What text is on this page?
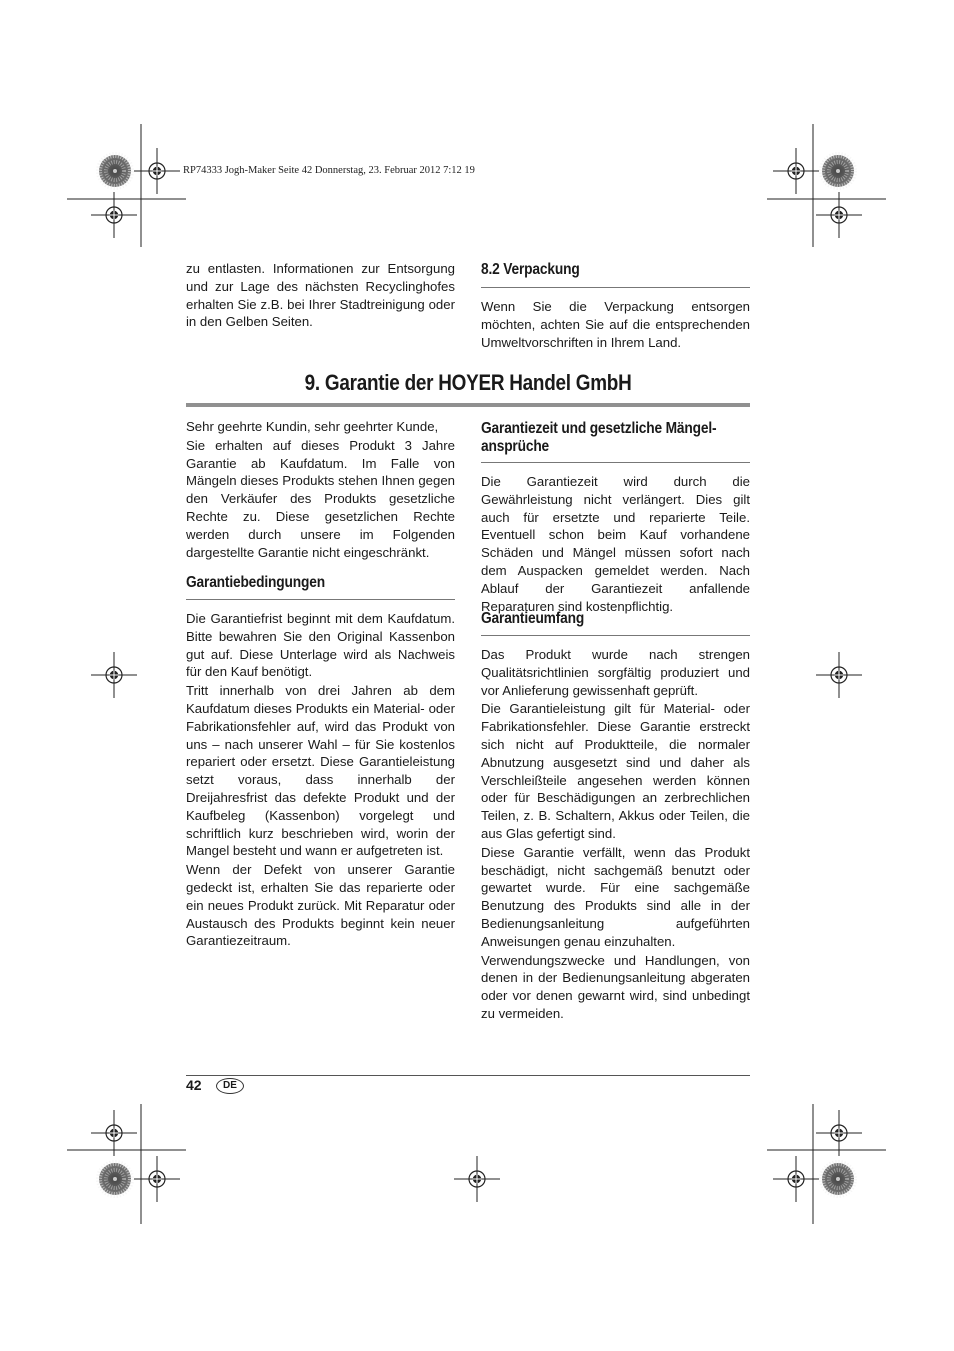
RP74333 Jogh-Maker Seite 42 Donnerstag, 23. Februar 2012 7:12 19

zu entlasten. Informationen zur Entsorgung und zur Lage des nächsten Recyclinghofes erhalten Sie z.B. bei Ihrer Stadtreinigung oder in den Gelben Seiten.

8.2 Verpackung

Wenn Sie die Verpackung entsorgen möchten, achten Sie auf die entsprechenden Umweltvorschriften in Ihrem Land.

9. Garantie der HOYER Handel GmbH

Sehr geehrte Kundin, sehr geehrter Kunde,

Sie erhalten auf dieses Produkt 3 Jahre Garantie ab Kaufdatum. Im Falle von Mängeln dieses Produkts stehen Ihnen gegen den Verkäufer des Produkts gesetzliche Rechte zu. Diese gesetzlichen Rechte werden durch unsere im Folgenden dargestellte Garantie nicht eingeschränkt.

Garantiebedingungen

Die Garantiefrist beginnt mit dem Kaufdatum. Bitte bewahren Sie den Original Kassenbon gut auf. Diese Unterlage wird als Nachweis für den Kauf benötigt.

Tritt innerhalb von drei Jahren ab dem Kaufdatum dieses Produkts ein Material- oder Fabrikationsfehler auf, wird das Produkt von uns – nach unserer Wahl – für Sie kostenlos repariert oder ersetzt. Diese Garantieleistung setzt voraus, dass innerhalb der Dreijahresfrist das defekte Produkt und der Kaufbeleg (Kassenbon) vorgelegt und schriftlich kurz beschrieben wird, worin der Mangel besteht und wann er aufgetreten ist.

Wenn der Defekt von unserer Garantie gedeckt ist, erhalten Sie das reparierte oder ein neues Produkt zurück. Mit Reparatur oder Austausch des Produkts beginnt kein neuer Garantiezeitraum.

Garantiezeit und gesetzliche Mängel-
ansprüche

Die Garantiezeit wird durch die Gewährleistung nicht verlängert. Dies gilt auch für ersetzte und reparierte Teile. Eventuell schon beim Kauf vorhandene Schäden und Mängel müssen sofort nach dem Auspacken gemeldet werden. Nach Ablauf der Garantiezeit anfallende Reparaturen sind kostenpflichtig.

Garantieumfang

Das Produkt wurde nach strengen Qualitätsrichtlinien sorgfältig produziert und vor Anlieferung gewissenhaft geprüft.

Die Garantieleistung gilt für Material- oder Fabrikationsfehler. Diese Garantie erstreckt sich nicht auf Produktteile, die normaler Abnutzung ausgesetzt sind und daher als Verschleißteile angesehen werden können oder für Beschädigungen an zerbrechlichen Teilen, z. B. Schaltern, Akkus oder Teilen, die aus Glas gefertigt sind.

Diese Garantie verfällt, wenn das Produkt beschädigt, nicht sachgemäß benutzt oder gewartet wurde. Für eine sachgemäße Benutzung des Produkts sind alle in der Bedienungsanleitung aufgeführten Anweisungen genau einzuhalten.

Verwendungszwecke und Handlungen, von denen in der Bedienungsanleitung abgeraten oder vor denen gewarnt wird, sind unbedingt zu vermeiden.

42	DE
